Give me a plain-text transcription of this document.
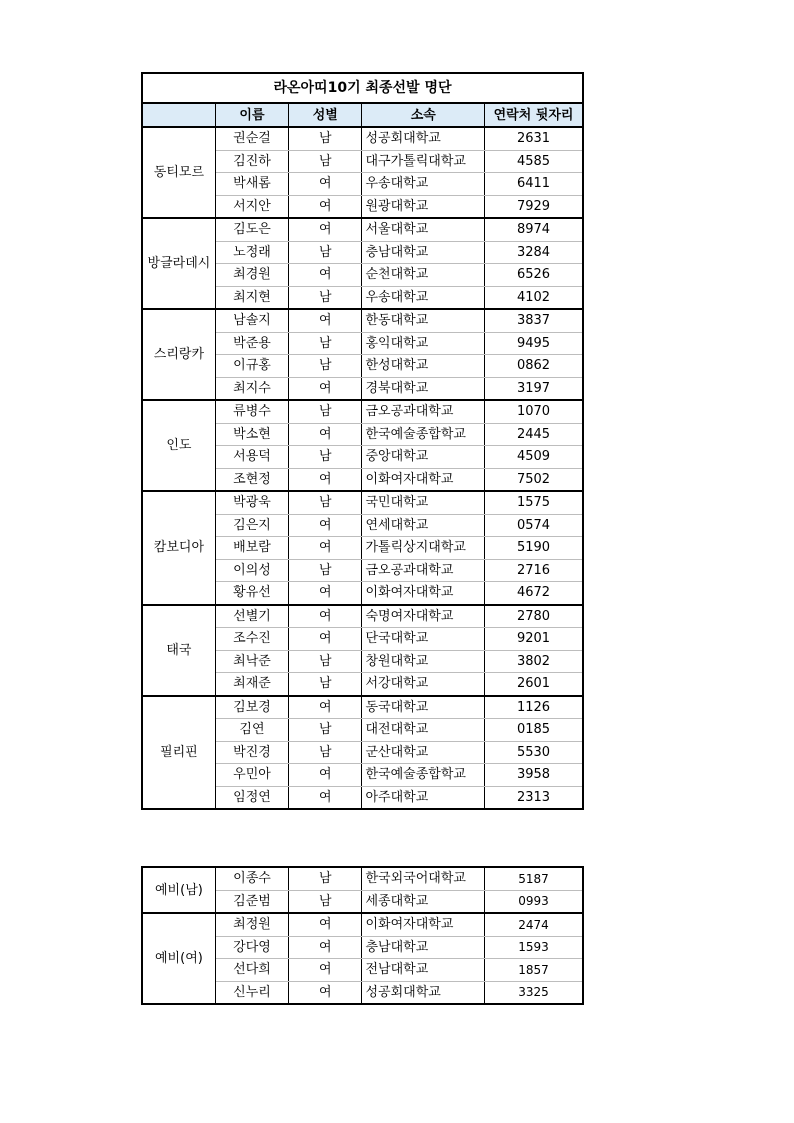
라온아띠10기 최종선발 명단				
	이름	성별	소속	연락처 뒷자리
동티모르	권순걸	남	성공회대학교	2631
	김진하	남	대구가톨릭대학교	4585
	박새롬	여	우송대학교	6411
	서지안	여	원광대학교	7929
방글라데시	김도은	여	서울대학교	8974
	노정래	남	충남대학교	3284
	최경원	여	순천대학교	6526
	최지현	남	우송대학교	4102
스리랑카	남솔지	여	한동대학교	3837
	박준용	남	홍익대학교	9495
	이규홍	남	한성대학교	0862
	최지수	여	경북대학교	3197
인도	류병수	남	금오공과대학교	1070
	박소현	여	한국예술종합학교	2445
	서용덕	남	중앙대학교	4509
	조현정	여	이화여자대학교	7502
캄보디아	박광욱	남	국민대학교	1575
	김은지	여	연세대학교	0574
	배보람	여	가톨릭상지대학교	5190
	이의성	남	금오공과대학교	2716
	황유선	여	이화여자대학교	4672
태국	선별기	여	숙명여자대학교	2780
	조수진	여	단국대학교	9201
	최낙준	남	창원대학교	3802
	최재준	남	서강대학교	2601
필리핀	김보경	여	동국대학교	1126
	김연	남	대전대학교	0185
	박진경	남	군산대학교	5530
	우민아	여	한국예술종합학교	3958
	임정연	여	아주대학교	2313
예비(남)	이종수	남	한국외국어대학교	5187
	김준범	남	세종대학교	0993
예비(여)	최정원	여	이화여자대학교	2474
	강다영	여	충남대학교	1593
	선다희	여	전남대학교	1857
	신누리	여	성공회대학교	3325
